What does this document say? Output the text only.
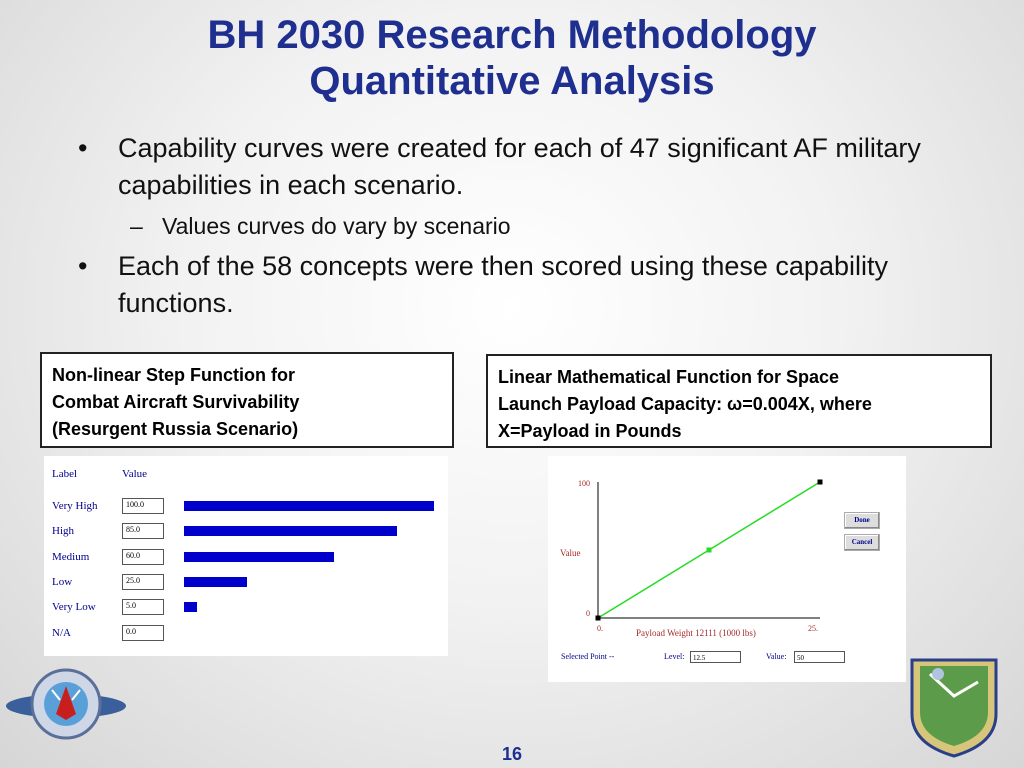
BH 2030 Research Methodology
Quantitative Analysis
• Capability curves were created for each of 47 significant AF military capabilities in each scenario.
– Values curves do vary by scenario
• Each of the 58 concepts were then scored using these capability functions.
Non-linear Step Function for
Combat Aircraft Survivability
(Resurgent Russia Scenario)
Linear Mathematical Function for Space
Launch Payload Capacity: ω=0.004X, where
X=Payload in Pounds
Label	Value
Very High	100.0
High	85.0
Medium	60.0
Low	25.0
Very Low	5.0
N/A	0.0
100
0
Value
0.	25.
Payload Weight 12111 (1000 lbs)
Done
Cancel
Selected Point --	Level:	12.5	Value:	50
16
